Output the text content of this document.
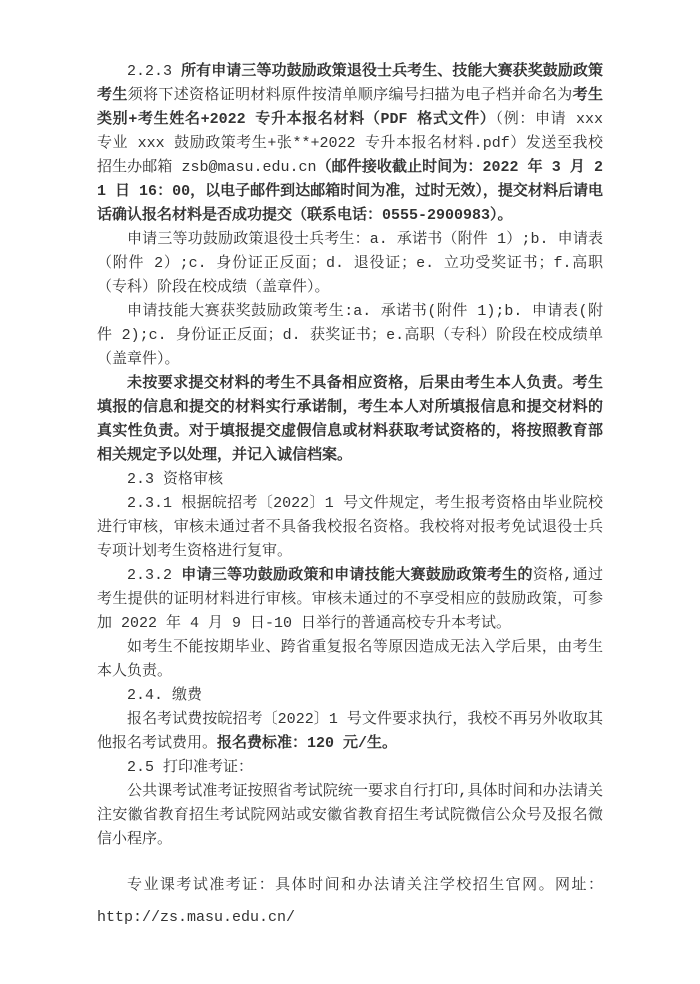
2.2.3 所有申请三等功鼓励政策退役士兵考生、技能大赛获奖鼓励政策考生须将下述资格证明材料原件按清单顺序编号扫描为电子档并命名为考生类别+考生姓名+2022 专升本报名材料（PDF 格式文件）（例：申请 xxx 专业 xxx 鼓励政策考生+张**+2022 专升本报名材料.pdf）发送至我校招生办邮箱 zsb@masu.edu.cn（邮件接收截止时间为：2022 年 3 月 21 日 16：00，以电子邮件到达邮箱时间为准，过时无效），提交材料后请电话确认报名材料是否成功提交（联系电话：0555-2900983）。

申请三等功鼓励政策退役士兵考生：a. 承诺书（附件 1）;b. 申请表（附件 2）;c. 身份证正反面；d. 退役证；e. 立功受奖证书；f.高职（专科）阶段在校成绩（盖章件）。

申请技能大赛获奖鼓励政策考生:a. 承诺书(附件 1);b. 申请表(附件 2);c. 身份证正反面；d. 获奖证书；e.高职（专科）阶段在校成绩单（盖章件）。

未按要求提交材料的考生不具备相应资格，后果由考生本人负责。考生填报的信息和提交的材料实行承诺制，考生本人对所填报信息和提交材料的真实性负责。对于填报提交虚假信息或材料获取考试资格的，将按照教育部相关规定予以处理，并记入诚信档案。

2.3 资格审核

2.3.1 根据皖招考〔2022〕1 号文件规定，考生报考资格由毕业院校进行审核，审核未通过者不具备我校报名资格。我校将对报考免试退役士兵专项计划考生资格进行复审。

2.3.2 申请三等功鼓励政策和申请技能大赛鼓励政策考生的资格,通过考生提供的证明材料进行审核。审核未通过的不享受相应的鼓励政策，可参加 2022 年 4 月 9 日-10 日举行的普通高校专升本考试。

如考生不能按期毕业、跨省重复报名等原因造成无法入学后果，由考生本人负责。

2.4. 缴费

报名考试费按皖招考〔2022〕1 号文件要求执行，我校不再另外收取其他报名考试费用。报名费标准：120 元/生。

2.5 打印准考证：

公共课考试准考证按照省考试院统一要求自行打印,具体时间和办法请关注安徽省教育招生考试院网站或安徽省教育招生考试院微信公众号及报名微信小程序。

专业课考试准考证：具体时间和办法请关注学校招生官网。网址：

http://zs.masu.edu.cn/
